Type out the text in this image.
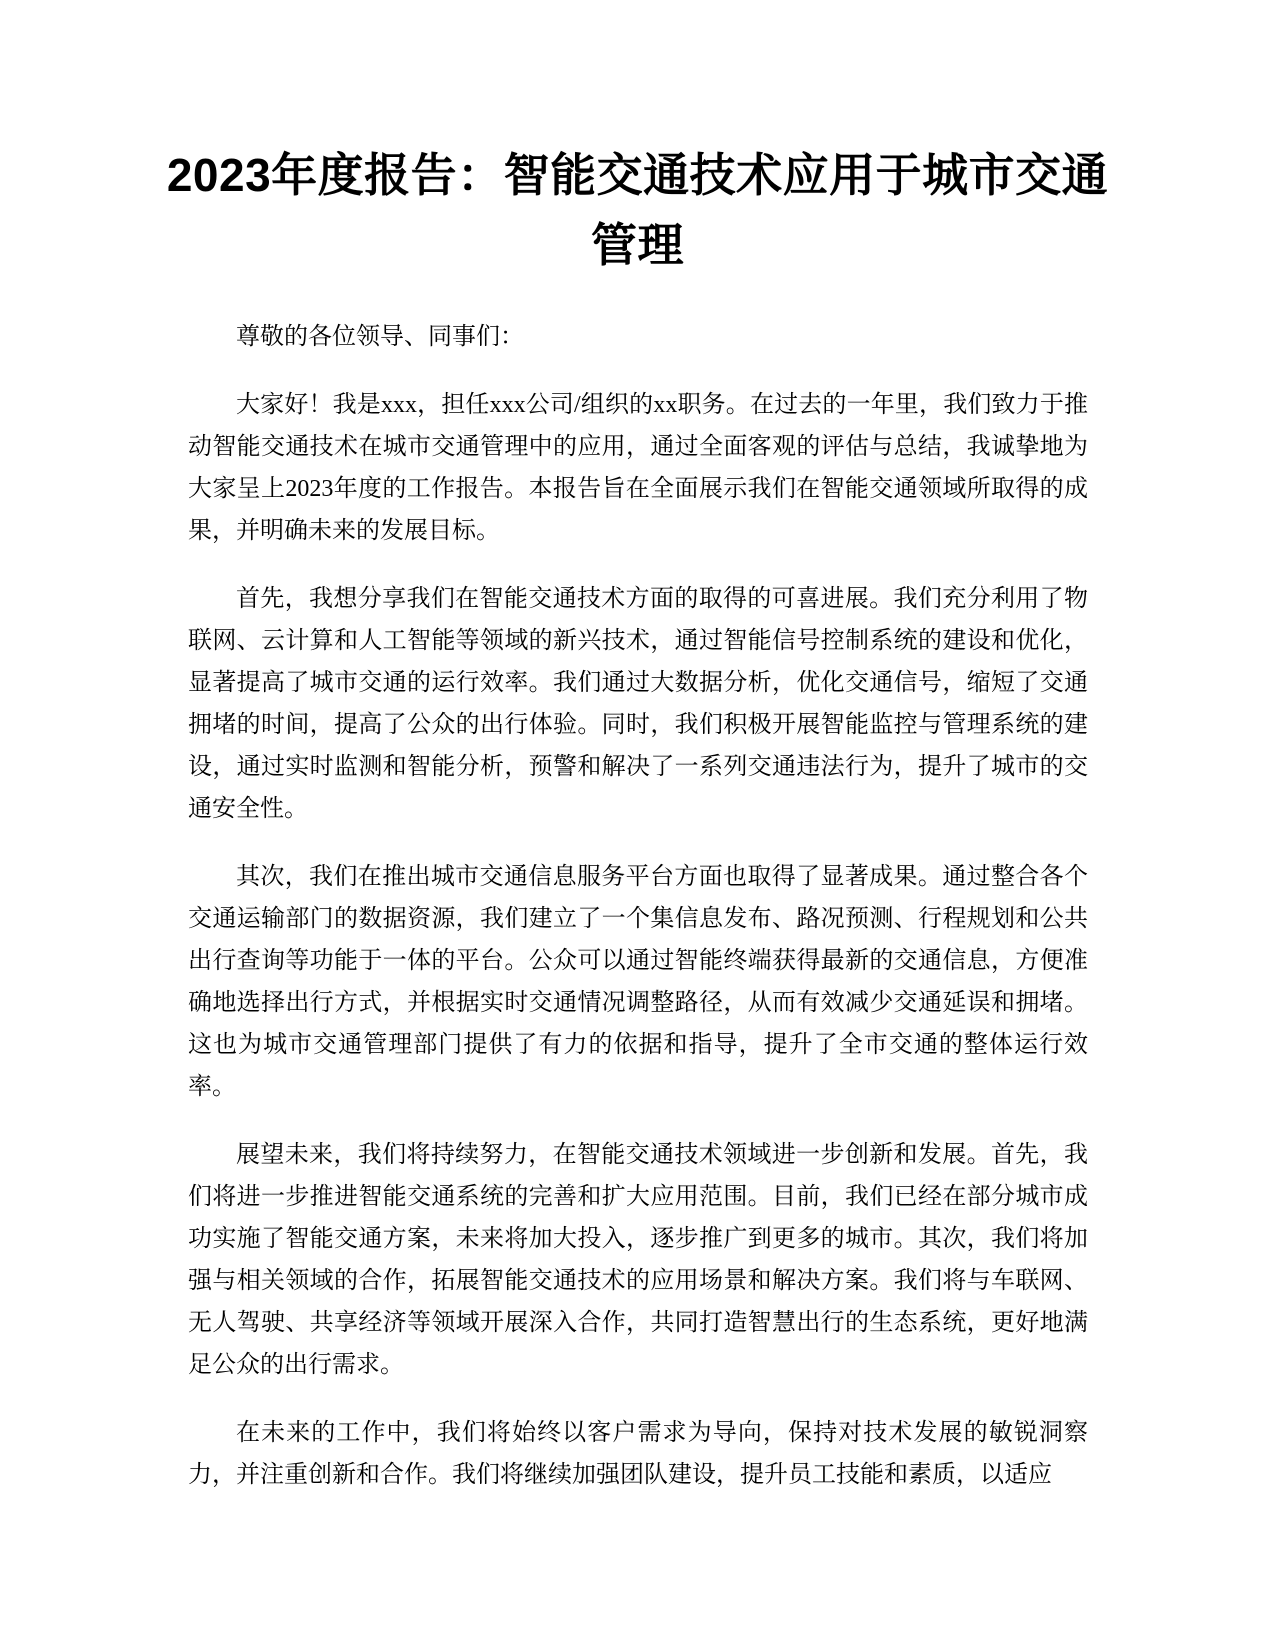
2023年度报告：智能交通技术应用于城市交通管理

尊敬的各位领导、同事们：

大家好！我是xxx，担任xxx公司/组织的xx职务。在过去的一年里，我们致力于推动智能交通技术在城市交通管理中的应用，通过全面客观的评估与总结，我诚挚地为大家呈上2023年度的工作报告。本报告旨在全面展示我们在智能交通领域所取得的成果，并明确未来的发展目标。

首先，我想分享我们在智能交通技术方面的取得的可喜进展。我们充分利用了物联网、云计算和人工智能等领域的新兴技术，通过智能信号控制系统的建设和优化，显著提高了城市交通的运行效率。我们通过大数据分析，优化交通信号，缩短了交通拥堵的时间，提高了公众的出行体验。同时，我们积极开展智能监控与管理系统的建设，通过实时监测和智能分析，预警和解决了一系列交通违法行为，提升了城市的交通安全性。

其次，我们在推出城市交通信息服务平台方面也取得了显著成果。通过整合各个交通运输部门的数据资源，我们建立了一个集信息发布、路况预测、行程规划和公共出行查询等功能于一体的平台。公众可以通过智能终端获得最新的交通信息，方便准确地选择出行方式，并根据实时交通情况调整路径，从而有效减少交通延误和拥堵。这也为城市交通管理部门提供了有力的依据和指导，提升了全市交通的整体运行效率。

展望未来，我们将持续努力，在智能交通技术领域进一步创新和发展。首先，我们将进一步推进智能交通系统的完善和扩大应用范围。目前，我们已经在部分城市成功实施了智能交通方案，未来将加大投入，逐步推广到更多的城市。其次，我们将加强与相关领域的合作，拓展智能交通技术的应用场景和解决方案。我们将与车联网、无人驾驶、共享经济等领域开展深入合作，共同打造智慧出行的生态系统，更好地满足公众的出行需求。

在未来的工作中，我们将始终以客户需求为导向，保持对技术发展的敏锐洞察力，并注重创新和合作。我们将继续加强团队建设，提升员工技能和素质，以适应
